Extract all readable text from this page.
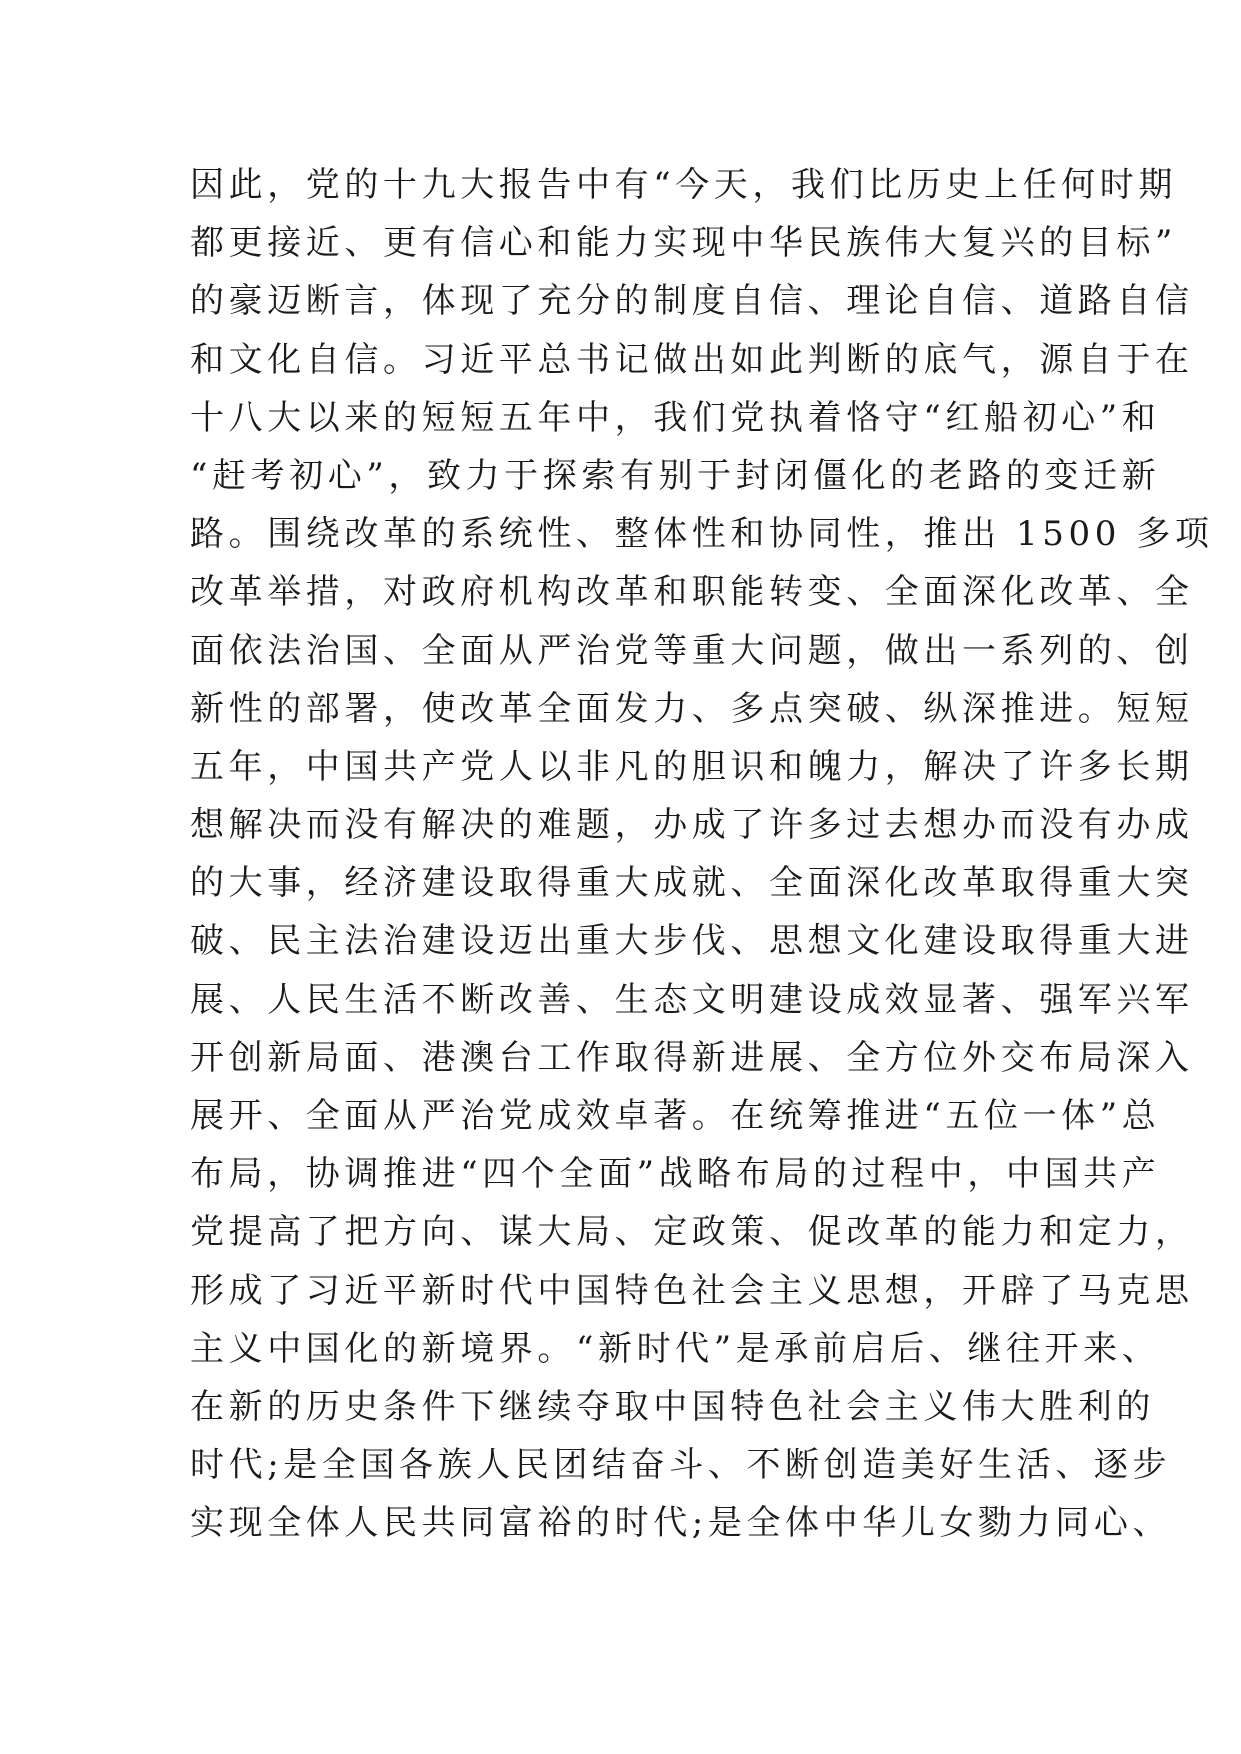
因此，党的十九大报告中有“今天，我们比历史上任何时期
都更接近、更有信心和能力实现中华民族伟大复兴的目标”
的豪迈断言，体现了充分的制度自信、理论自信、道路自信
和文化自信。习近平总书记做出如此判断的底气，源自于在
十八大以来的短短五年中，我们党执着恪守“红船初心”和
“赶考初心”，致力于探索有别于封闭僵化的老路的变迁新
路。围绕改革的系统性、整体性和协同性，推出 1500 多项
改革举措，对政府机构改革和职能转变、全面深化改革、全
面依法治国、全面从严治党等重大问题，做出一系列的、创
新性的部署，使改革全面发力、多点突破、纵深推进。短短
五年，中国共产党人以非凡的胆识和魄力，解决了许多长期
想解决而没有解决的难题，办成了许多过去想办而没有办成
的大事，经济建设取得重大成就、全面深化改革取得重大突
破、民主法治建设迈出重大步伐、思想文化建设取得重大进
展、人民生活不断改善、生态文明建设成效显著、强军兴军
开创新局面、港澳台工作取得新进展、全方位外交布局深入
展开、全面从严治党成效卓著。在统筹推进“五位一体”总
布局，协调推进“四个全面”战略布局的过程中，中国共产
党提高了把方向、谋大局、定政策、促改革的能力和定力，
形成了习近平新时代中国特色社会主义思想，开辟了马克思
主义中国化的新境界。“新时代”是承前启后、继往开来、
在新的历史条件下继续夺取中国特色社会主义伟大胜利的
时代;是全国各族人民团结奋斗、不断创造美好生活、逐步
实现全体人民共同富裕的时代;是全体中华儿女勠力同心、
